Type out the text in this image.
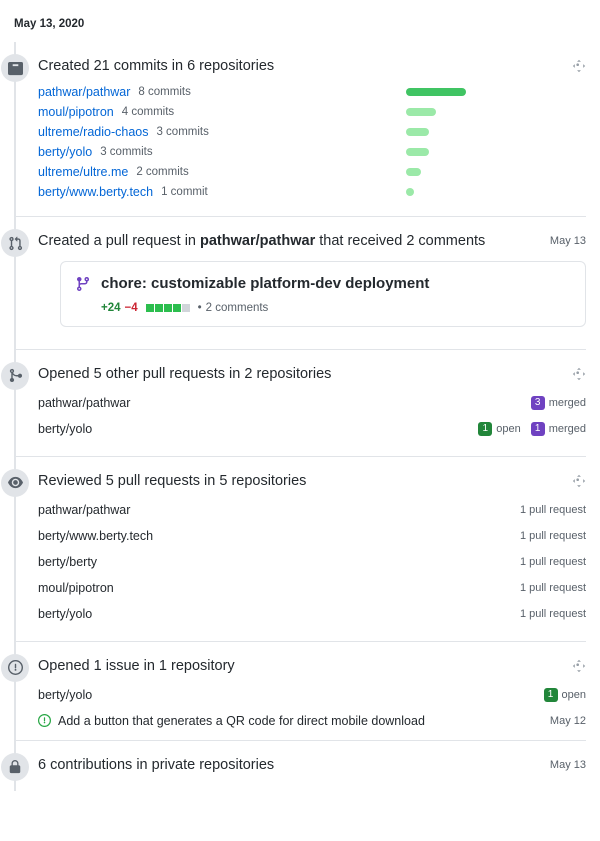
May 13, 2020
Created 21 commits in 6 repositories
pathwar/pathwar 8 commits
moul/pipotron 4 commits
ultreme/radio-chaos 3 commits
berty/yolo 3 commits
ultreme/ultre.me 2 commits
berty/www.berty.tech 1 commit
Created a pull request in pathwar/pathwar that received 2 comments	May 13
chore: customizable platform-dev deployment
+24 −4	• 2 comments
Opened 5 other pull requests in 2 repositories
pathwar/pathwar	3 merged
berty/yolo	1 open	1 merged
Reviewed 5 pull requests in 5 repositories
pathwar/pathwar	1 pull request
berty/www.berty.tech	1 pull request
berty/berty	1 pull request
moul/pipotron	1 pull request
berty/yolo	1 pull request
Opened 1 issue in 1 repository
berty/yolo	1 open
Add a button that generates a QR code for direct mobile download	May 12
6 contributions in private repositories	May 13
